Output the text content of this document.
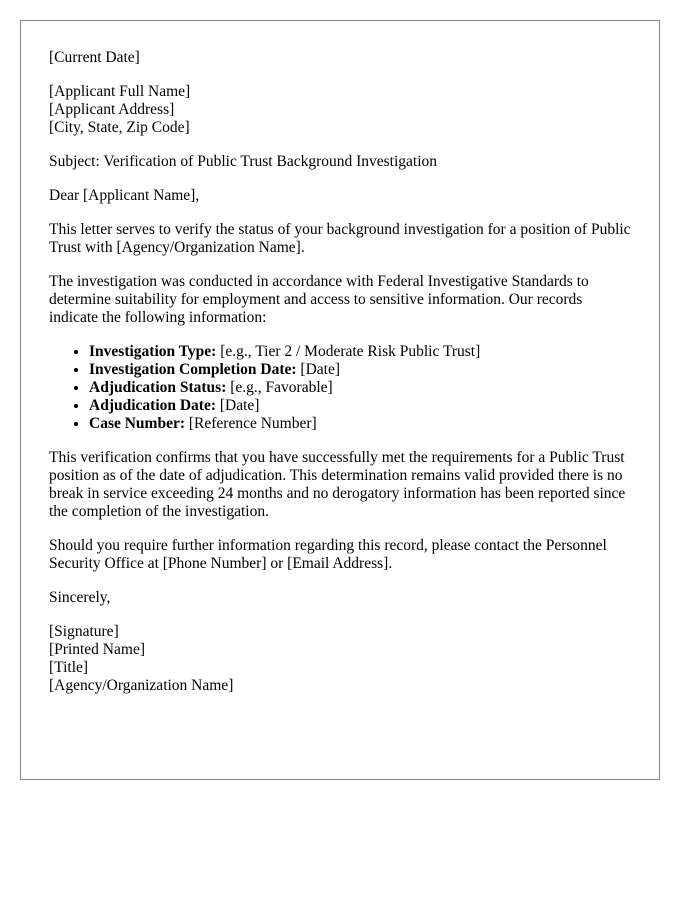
[Current Date]
[Applicant Full Name]
[Applicant Address]
[City, State, Zip Code]

Subject: Verification of Public Trust Background Investigation

Dear [Applicant Name],

This letter serves to verify the status of your background investigation for a position of Public Trust with [Agency/Organization Name].

The investigation was conducted in accordance with Federal Investigative Standards to determine suitability for employment and access to sensitive information. Our records indicate the following information:

• Investigation Type: [e.g., Tier 2 / Moderate Risk Public Trust]
• Investigation Completion Date: [Date]
• Adjudication Status: [e.g., Favorable]
• Adjudication Date: [Date]
• Case Number: [Reference Number]

This verification confirms that you have successfully met the requirements for a Public Trust position as of the date of adjudication. This determination remains valid provided there is no break in service exceeding 24 months and no derogatory information has been reported since the completion of the investigation.

Should you require further information regarding this record, please contact the Personnel Security Office at [Phone Number] or [Email Address].

Sincerely,

[Signature]
[Printed Name]
[Title]
[Agency/Organization Name]
